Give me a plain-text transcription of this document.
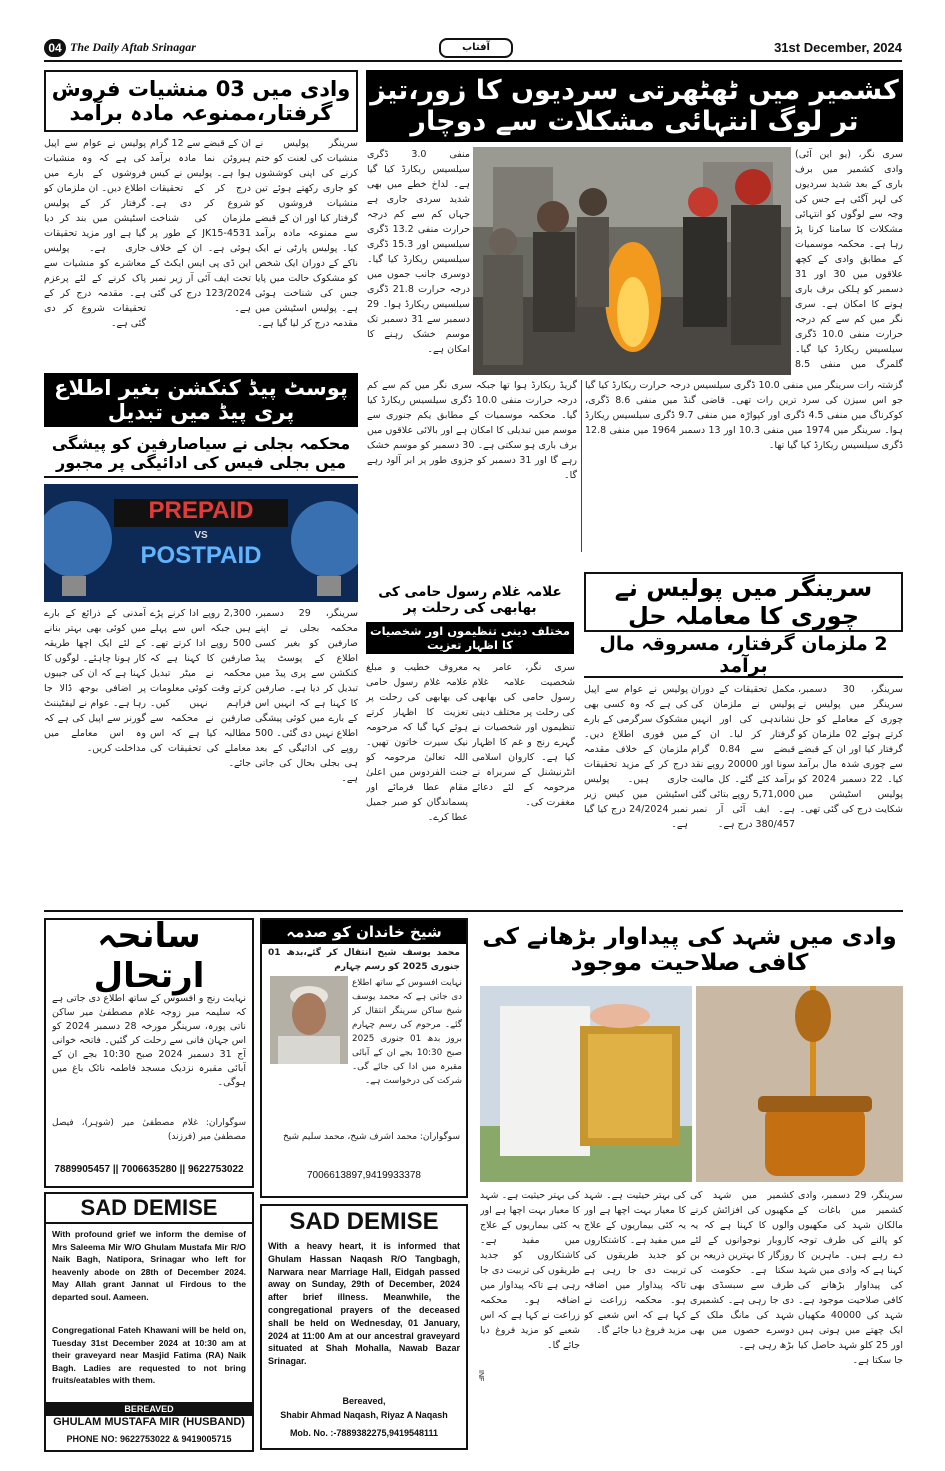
04 The Daily Aftab Srinagar	آفتاب	31st December, 2024
کشمیر میں ٹھٹھرتی سردیوں کا زور،تیز تر لوگ انتہائی مشکلات سے دوچار
سری نگر، (یو این آئی) وادی کشمیر میں برف باری کے بعد شدید سردیوں کی لہر آگئی ہے جس کی وجہ سے لوگوں کو انتہائی مشکلات کا سامنا کرنا پڑ رہا ہے۔ محکمہ موسمیات کے مطابق وادی کے کچھ علاقوں میں 30 اور 31 دسمبر کو ہلکی برف باری ہونے کا امکان ہے۔ سری نگر میں کم سے کم درجہ حرارت منفی 10.0 ڈگری سیلسیس ریکارڈ کیا گیا۔ گلمرگ میں منفی 8.5
منفی 3.0 ڈگری سیلسیس ریکارڈ کیا گیا ہے۔ لداخ خطے میں بھی شدید سردی جاری ہے جہاں کم سے کم درجہ حرارت منفی 13.2 ڈگری سیلسیس اور 15.3 ڈگری سیلسیس ریکارڈ کیا گیا۔ دوسری جانب جموں میں درجہ حرارت 21.8 ڈگری سیلسیس ریکارڈ ہوا۔ 29 دسمبر سے 31 دسمبر تک موسم خشک رہنے کا امکان ہے۔
گریڈ ریکارڈ ہوا تھا جبکہ سری نگر میں کم سے کم درجہ حرارت منفی 10.0 ڈگری سیلسیس ریکارڈ کیا گیا۔ محکمہ موسمیات کے مطابق یکم جنوری سے موسم میں تبدیلی کا امکان ہے اور بالائی علاقوں میں برف باری ہو سکتی ہے۔ 30 دسمبر کو موسم خشک رہے گا اور 31 دسمبر کو جزوی طور پر ابر آلود رہے گا۔
گزشتہ رات سرینگر میں منفی 10.0 ڈگری سیلسیس درجہ حرارت ریکارڈ کیا گیا جو اس سیزن کی سرد ترین رات تھی۔ قاضی گنڈ میں منفی 8.6 ڈگری، کوکرناگ میں منفی 4.5 ڈگری اور کپواڑہ میں منفی 9.7 ڈگری سیلسیس ریکارڈ ہوا۔ سرینگر میں 1974 میں منفی 10.3 اور 13 دسمبر 1964 میں منفی 12.8 ڈگری سیلسیس ریکارڈ کیا گیا تھا۔
وادی میں 03 منشیات فروش گرفتار،ممنوعہ مادہ برآمد
سرینگر پولیس نے منشیات کی لعنت کو ختم کرنے کی اپنی کوششوں کو جاری رکھتے ہوئے تین منشیات فروشوں کو گرفتار کیا اور ان کے قبضے سے ممنوعہ مادہ برآمد کیا۔ پولیس پارٹی نے ایک ناکے کے دوران ایک شخص کو مشکوک حالت میں پایا جس کی شناخت ہوئی ہے۔ پولیس اسٹیشن میں مقدمہ درج کر لیا گیا ہے۔
ان کے قبضے سے 12 گرام ہیروئن نما مادہ برآمد ہوا ہے۔ پولیس نے کیس درج کر کے تحقیقات شروع کر دی ہے۔ ملزمان کی شناخت 4531-JK15 کے طور پر ہوئی ہے۔ ان کے خلاف این ڈی پی ایس ایکٹ کے تحت ایف آئی آر زیر نمبر 123/2024 درج کی گئی ہے۔
پولیس نے عوام سے اپیل کی ہے کہ وہ منشیات فروشوں کے بارے میں اطلاع دیں۔ ان ملزمان کو گرفتار کر کے پولیس اسٹیشن میں بند کر دیا گیا ہے اور مزید تحقیقات جاری ہے۔ پولیس معاشرے کو منشیات سے پاک کرنے کے لئے پرعزم ہے۔ مقدمہ درج کر کے تحقیقات شروع کر دی گئی ہے۔
پوسٹ پیڈ کنکشن بغیر اطلاع پری پیڈ میں تبدیل
محکمہ بجلی نے سیاصارفین کو پیشگی میں بجلی فیس کی ادائیگی پر مجبور
PREPAID
VS
POSTPAID
سرینگر، 29 دسمبر، محکمہ بجلی نے اپنے صارفین کو بغیر کسی اطلاع کے پوسٹ پیڈ کنکشن سے پری پیڈ میں تبدیل کر دیا ہے۔ صارفین کا کہنا ہے کہ انہیں اس کے بارے میں کوئی پیشگی اطلاع نہیں دی گئی۔ 500 روپے کی ادائیگی کے بعد ہی بجلی بحال کی جاتی ہے۔
2,300 روپے ادا کرنے پڑے ہیں جبکہ اس سے پہلے 500 روپے ادا کرتے تھے۔ صارفین کا کہنا ہے کہ محکمہ نے میٹر تبدیل کرتے وقت کوئی معلومات فراہم نہیں کیں۔ صارفین نے محکمہ سے مطالبہ کیا ہے کہ اس معاملے کی تحقیقات کی جائے۔
آمدنی کے ذرائع کے بارے میں کوئی بھی بہتر بنانے کے لئے ایک اچھا طریقہ کار ہونا چاہئے۔ لوگوں کا کہنا ہے کہ ان کی جیبوں پر اضافی بوجھ ڈالا جا رہا ہے۔ عوام نے لیفٹیننٹ گورنر سے اپیل کی ہے کہ وہ اس معاملے میں مداخلت کریں۔
علامہ غلام رسول حامی کی بھابھی کی رحلت پر
مختلف دینی تنظیموں اور شخصیات کا اظہار تعزیت
سری نگر، عامر یہ شخصیت علامہ غلام رسول حامی کی بھابھی کی رحلت پر مختلف دینی تنظیموں اور شخصیات نے گہرے رنج و غم کا اظہار کیا ہے۔ کاروان اسلامی انٹرنیشنل کے سربراہ نے مرحومہ کے لئے دعائے مغفرت کی۔
معروف خطیب و مبلغ علامہ غلام رسول حامی کی بھابھی کی رحلت پر تعزیت کا اظہار کرتے ہوئے کہا گیا کہ مرحومہ نیک سیرت خاتون تھیں۔ اللہ تعالیٰ مرحومہ کو جنت الفردوس میں اعلیٰ مقام عطا فرمائے اور پسماندگان کو صبر جمیل عطا کرے۔
سرینگر میں پولیس نے چوری کا معاملہ حل
2 ملزمان گرفتار، مسروقہ مال برآمد
سرینگر، 30 دسمبر، سرینگر میں پولیس نے چوری کے معاملے کو حل کرتے ہوئے 02 ملزمان کو گرفتار کیا اور ان کے قبضے سے چوری شدہ مال برآمد کیا۔ 22 دسمبر 2024 کو پولیس اسٹیشن میں شکایت درج کی گئی تھی۔
مکمل تحقیقات کے دوران پولیس نے ملزمان کی نشاندہی کی اور انہیں گرفتار کر لیا۔ ان کے قبضے سے 0.84 گرام سونا اور 20000 روپے نقد برآمد کئے گئے۔ کل مالیت 5,71,000 روپے بتائی گئی ہے۔ ایف آئی آر نمبر 380/457 درج ہے۔
پولیس نے عوام سے اپیل کی ہے کہ وہ کسی بھی مشکوک سرگرمی کے بارے میں فوری اطلاع دیں۔ ملزمان کے خلاف مقدمہ درج کر کے مزید تحقیقات جاری ہیں۔ پولیس اسٹیشن میں کیس زیر نمبر 24/2024 درج کیا گیا ہے۔
سانحہ ارتحال
نہایت رنج و افسوس کے ساتھ اطلاع دی جاتی ہے کہ سلیمہ میر زوجہ غلام مصطفیٰ میر ساکن ناتی پورہ، سرینگر مورخہ 28 دسمبر 2024 کو اس جہان فانی سے رحلت کر گئیں۔ فاتحہ خوانی آج 31 دسمبر 2024 صبح 10:30 بجے ان کے آبائی مقبرہ نزدیک مسجد فاطمہ نائک باغ میں ہوگی۔
سوگواران: غلام مصطفیٰ میر (شوہر)، فیصل مصطفیٰ میر (فرزند)
7889905457 || 7006635280 || 9622753022
SAD DEMISE
With profound grief we inform the demise of Mrs Saleema Mir W/O Ghulam Mustafa Mir R/O Naik Bagh, Natipora, Srinagar who left for heavenly abode on 28th of December 2024. May Allah grant Jannat ul Firdous to the departed soul. Aameen.
Congregational Fateh Khawani will be held on, Tuesday 31st December 2024 at 10:30 am at their graveyard near Masjid Fatima (RA) Naik Bagh. Ladies are requested to not bring fruits/eatables with them.
BEREAVED
GHULAM MUSTAFA MIR (HUSBAND)
PHONE NO: 9622753022 & 9419005715
شیخ خاندان کو صدمہ
محمد یوسف شیخ انتقال کر گئے،بدھ 01 جنوری 2025 کو رسم چہارم
نہایت افسوس کے ساتھ اطلاع دی جاتی ہے کہ محمد یوسف شیخ ساکن سرینگر انتقال کر گئے۔ مرحوم کی رسم چہارم بروز بدھ 01 جنوری 2025 صبح 10:30 بجے ان کے آبائی مقبرہ میں ادا کی جائے گی۔ شرکت کی درخواست ہے۔
سوگواران: محمد اشرف شیخ، محمد سلیم شیخ
7006613897,9419933378
SAD DEMISE
With a heavy heart, it is informed that Ghulam Hassan Naqash R/O Tangbagh, Narwara near Marriage Hall, Eidgah passed away on Sunday, 29th of December, 2024 after brief illness. Meanwhile, the congregational prayers of the deceased shall be held on Wednesday, 01 January, 2024 at 11:00 Am at our ancestral graveyard situated at Shah Mohalla, Nawab Bazar Srinagar.
Bereaved,
Shabir Ahmad Naqash, Riyaz A Naqash
Mob. No. :-7889382275,9419548111
INF
وادی میں شہد کی پیداوار بڑھانے کی کافی صلاحیت موجود
سرینگر، 29 دسمبر، وادی کشمیر میں باغات کے مالکان شہد کی مکھیوں کو پالنے کی طرف توجہ دے رہے ہیں۔ ماہرین کا کہنا ہے کہ وادی میں شہد کی پیداوار بڑھانے کی کافی صلاحیت موجود ہے۔ شہد کی 40000 مکھیاں ایک چھتے میں ہوتی ہیں اور 25 کلو شہد حاصل کیا جا سکتا ہے۔
کشمیر میں شہد کی مکھیوں کی افزائش کرنے والوں کا کہنا ہے کہ یہ کاروبار نوجوانوں کے لئے روزگار کا بہترین ذریعہ بن سکتا ہے۔ حکومت کی طرف سے سبسڈی بھی دی جا رہی ہے۔ کشمیری شہد کی مانگ ملک کے دوسرے حصوں میں بھی بڑھ رہی ہے۔
کی بہتر حیثیت ہے۔ شہد کا معیار بہت اچھا ہے اور یہ کئی بیماریوں کے علاج میں مفید ہے۔ کاشتکاروں کو جدید طریقوں کی تربیت دی جا رہی ہے تاکہ پیداوار میں اضافہ ہو۔ محکمہ زراعت نے کہا ہے کہ اس شعبے کو مزید فروغ دیا جائے گا۔
کی بہتر حیثیت ہے۔ شہد کا معیار بہت اچھا ہے اور یہ کئی بیماریوں کے علاج میں مفید ہے۔ کاشتکاروں کو جدید طریقوں کی تربیت دی جا رہی ہے تاکہ پیداوار میں اضافہ ہو۔ محکمہ زراعت نے کہا ہے کہ اس شعبے کو مزید فروغ دیا جائے گا۔
